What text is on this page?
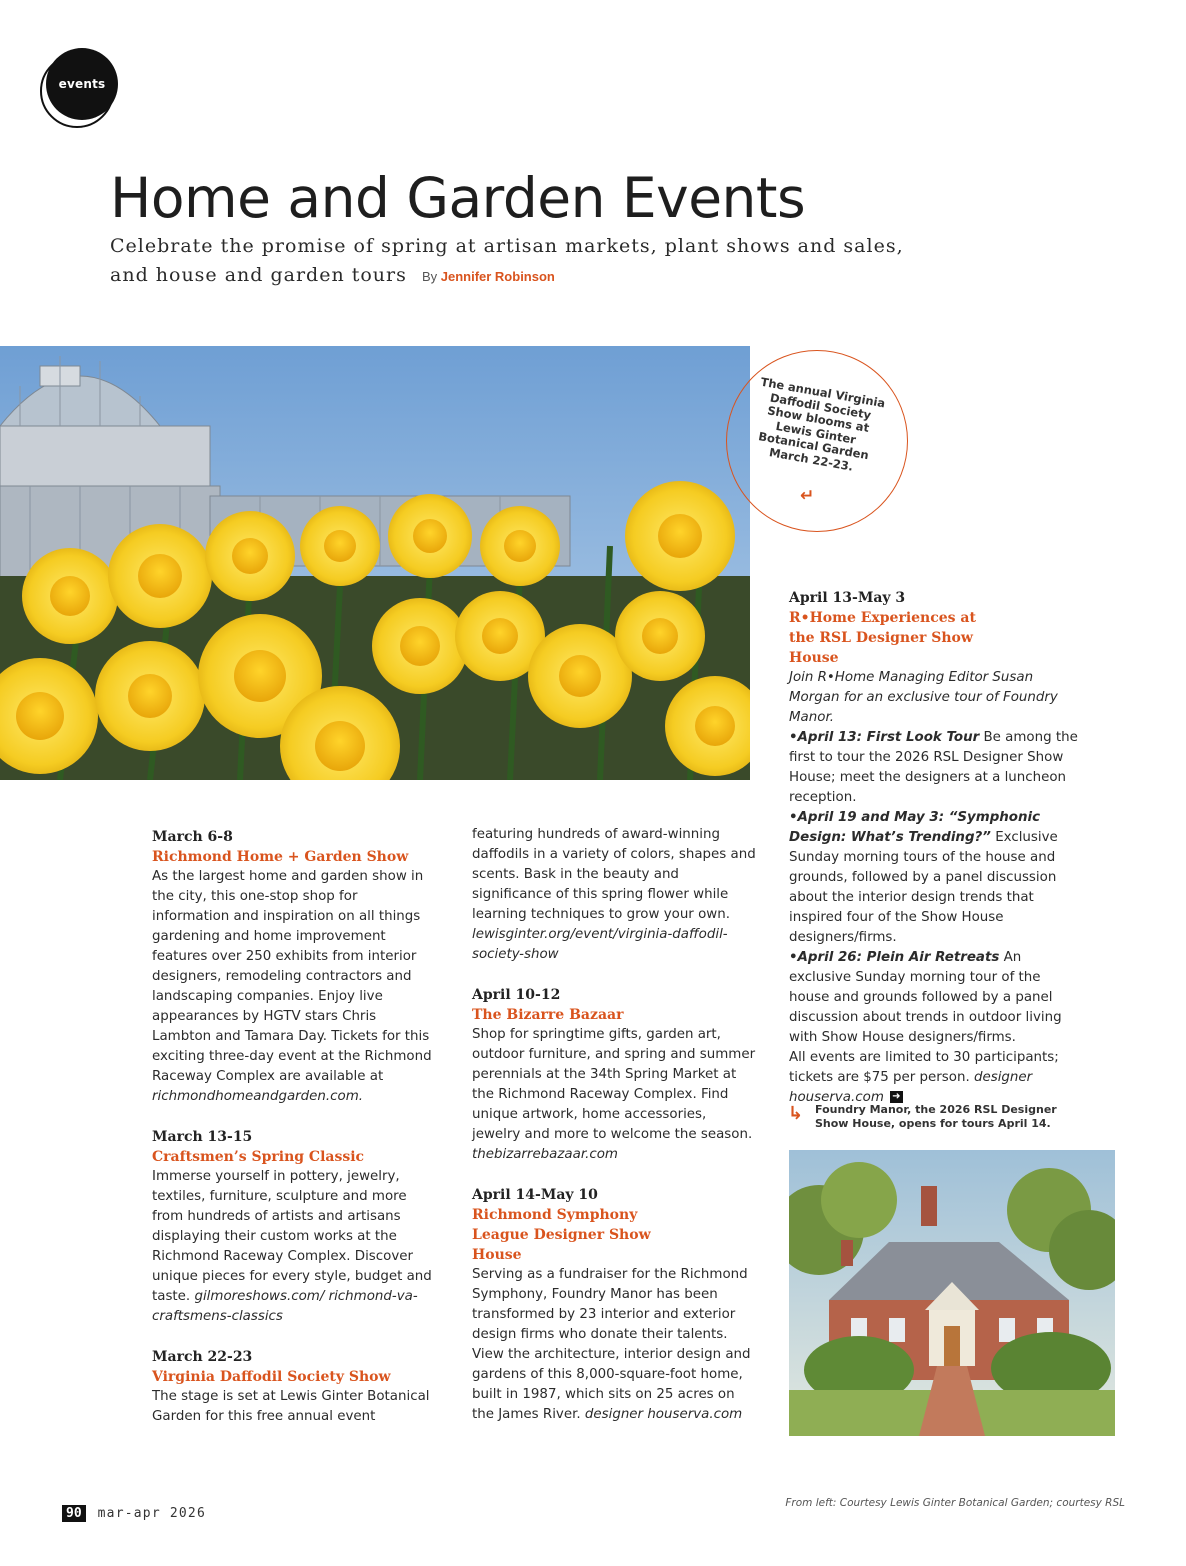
events
Home and Garden Events

Celebrate the promise of spring at artisan markets, plant shows and sales, and house and garden tours By Jennifer Robinson

The annual Virginia Daffodil Society Show blooms at Lewis Ginter Botanical Garden March 22-23.
↵
March 6-8
Richmond Home + Garden Show
As the largest home and garden show in the city, this one-stop shop for information and inspiration on all things gardening and home improvement features over 250 exhibits from interior designers, remodeling contractors and landscaping companies. Enjoy live appearances by HGTV stars Chris Lambton and Tamara Day. Tickets for this exciting three-day event at the Richmond Raceway Complex are available at richmondhomeandgarden.com.
March 13-15
Craftsmen’s Spring Classic
Immerse yourself in pottery, jewelry, textiles, furniture, sculpture and more from hundreds of artists and artisans displaying their custom works at the Richmond Raceway Complex. Discover unique pieces for every style, budget and taste. gilmoreshows.com/ richmond-va-craftsmens-classics
March 22-23
Virginia Daffodil Society Show
The stage is set at Lewis Ginter Botanical Garden for this free annual event
featuring hundreds of award-winning daffodils in a variety of colors, shapes and scents. Bask in the beauty and significance of this spring flower while learning techniques to grow your own. lewisginter.org/event/virginia-daffodil-society-show
April 10-12
The Bizarre Bazaar
Shop for springtime gifts, garden art, outdoor furniture, and spring and summer perennials at the 34th Spring Market at the Richmond Raceway Complex. Find unique artwork, home accessories, jewelry and more to welcome the season. thebizarrebazaar.com
April 14-May 10
Richmond Symphony League Designer Show House
Serving as a fundraiser for the Richmond Symphony, Foundry Manor has been transformed by 23 interior and exterior design firms who donate their talents. View the architecture, interior design and gardens of this 8,000-square-foot home, built in 1987, which sits on 25 acres on the James River. designer houserva.com
April 13-May 3
R•Home Experiences at the RSL Designer Show House
Join R•Home Managing Editor Susan Morgan for an exclusive tour of Foundry Manor.
•April 13: First Look Tour Be among the first to tour the 2026 RSL Designer Show House; meet the designers at a luncheon reception.
•April 19 and May 3: “Symphonic Design: What’s Trending?” Exclusive Sunday morning tours of the house and grounds, followed by a panel discussion about the interior design trends that inspired four of the Show House designers/firms.
•April 26: Plein Air Retreats An exclusive Sunday morning tour of the house and grounds followed by a panel discussion about trends in outdoor living with Show House designers/firms.
All events are limited to 30 participants; tickets are $75 per person. designer houserva.com ➜
↳ Foundry Manor, the 2026 RSL Designer Show House, opens for tours April 14.
90	mar-apr 2026
From left: Courtesy Lewis Ginter Botanical Garden; courtesy RSL
